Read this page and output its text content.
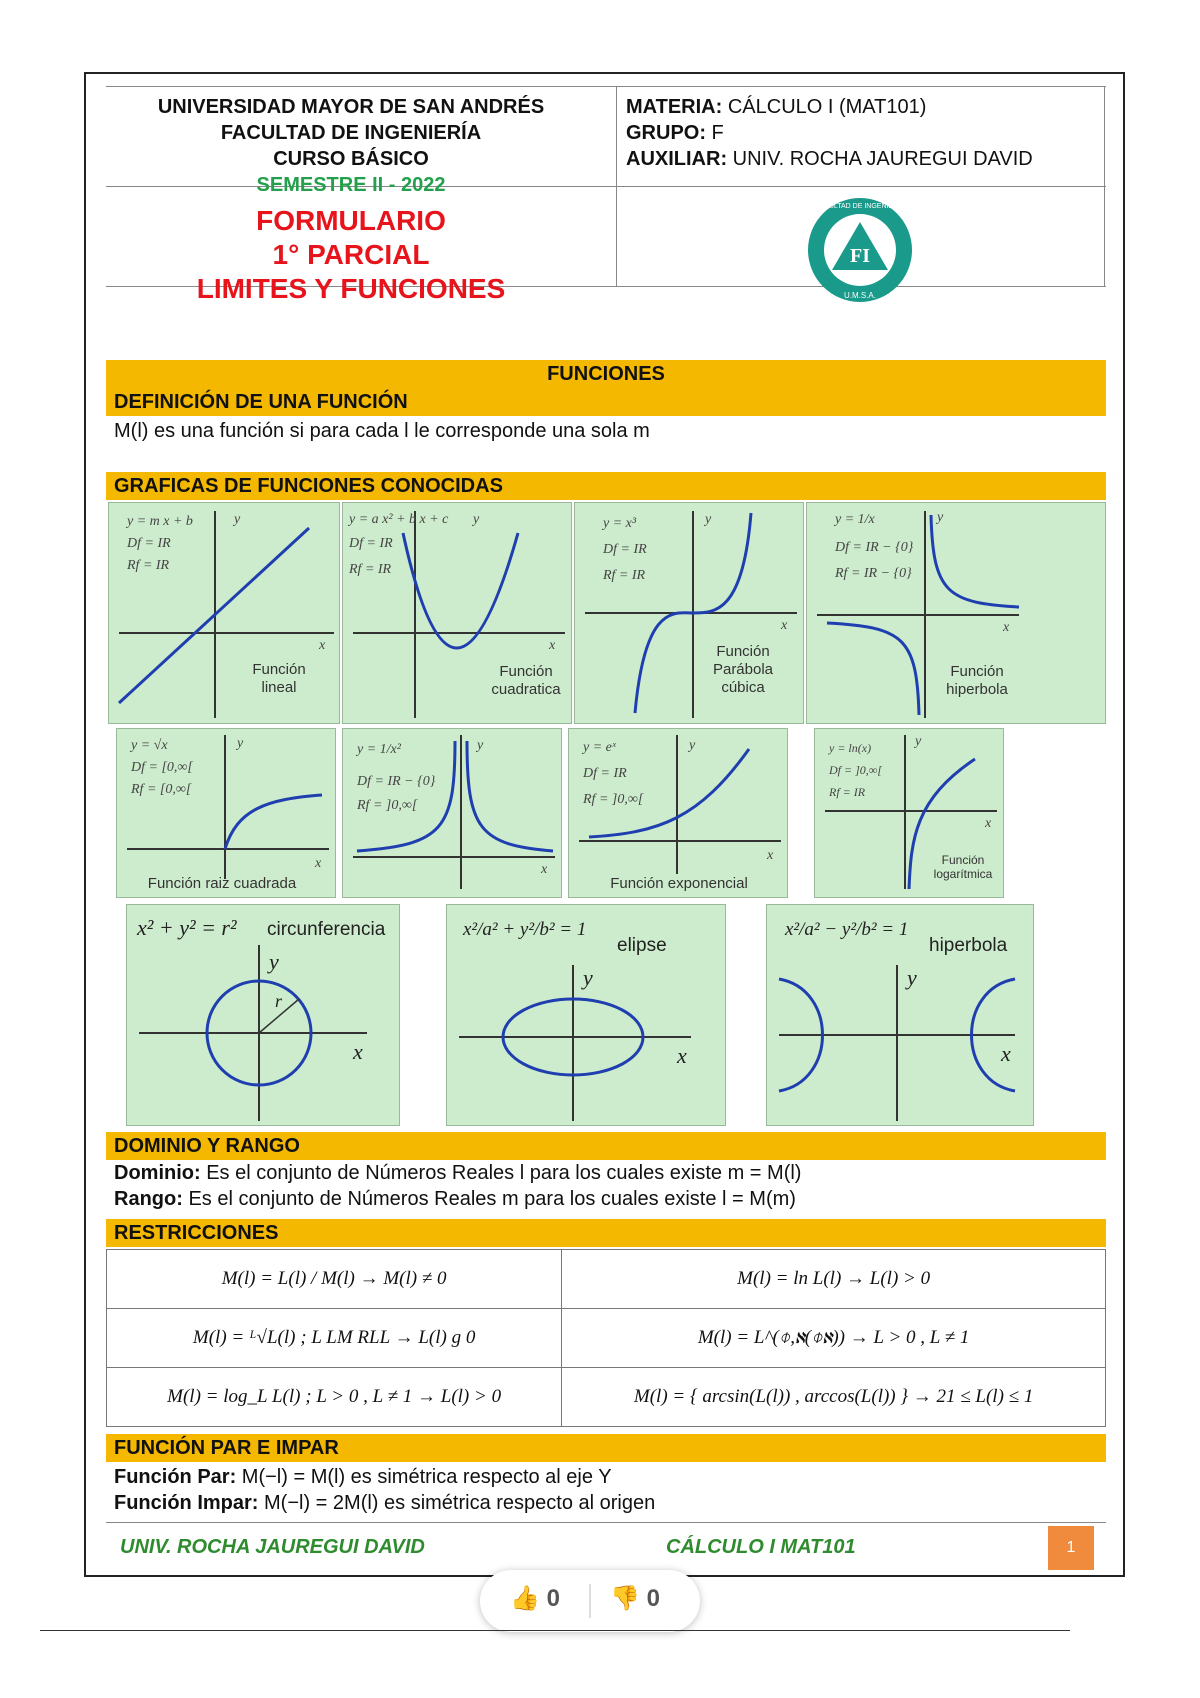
UNIVERSIDAD MAYOR DE SAN ANDRÉS
FACULTAD DE INGENIERÍA
CURSO BÁSICO
SEMESTRE II - 2022
MATERIA: CÁLCULO I (MAT101)
GRUPO: F
AUXILIAR: UNIV. ROCHA JAUREGUI DAVID
FORMULARIO
1° PARCIAL
LIMITES Y FUNCIONES
FI
FACULTAD DE INGENIERIA
U.M.S.A.
FUNCIONES
DEFINICIÓN DE UNA FUNCIÓN
M(l) es una función si para cada l le corresponde una sola m
GRAFICAS DE FUNCIONES CONOCIDAS
y = m x + b
Df = IR
Rf = IR
y
x
Función
lineal
y = a x² + b x + c
Df = IR
Rf = IR
y
x
Función
cuadratica
y = x³
Df = IR
Rf = IR
y
x
Función
Parábola
cúbica
y = 1/x
Df = IR − {0}
Rf = IR − {0}
y
x
Función
hiperbola
y = √x
Df = [0,∞[
Rf = [0,∞[
y
x
Función raiz cuadrada
y = 1/x²
Df = IR − {0}
Rf = ]0,∞[
y
x
y = eˣ
Df = IR
Rf = ]0,∞[
y
x
Función exponencial
y = ln(x)
Df = ]0,∞[
Rf = IR
y
x
Función
logarítmica
x² + y² = r² circunferencia
y
x
r
x²/a² + y²/b² = 1
elipse
y
x
x²/a² − y²/b² = 1
hiperbola
y
x
DOMINIO Y RANGO
Dominio: Es el conjunto de Números Reales l para los cuales existe m = M(l)
Rango: Es el conjunto de Números Reales m para los cuales existe l = M(m)
RESTRICCIONES
M(l) = L(l) / M(l) → M(l) ≠ 0	M(l) = ln L(l) → L(l) > 0
M(l) = ᴸ√L(l) ; L LM RLL → L(l) g 0	M(l) = L^(⌽,ℵ(⌽ℵ)) → L > 0 , L ≠ 1
M(l) = log_L L(l) ; L > 0 , L ≠ 1 → L(l) > 0	M(l) = { arcsin(L(l)) , arccos(L(l)) } → 21 ≤ L(l) ≤ 1
FUNCIÓN PAR E IMPAR
Función Par: M(−l) = M(l) es simétrica respecto al eje Y
Función Impar: M(−l) = 2M(l) es simétrica respecto al origen
UNIV. ROCHA JAUREGUI DAVID	CÁLCULO I MAT101	1
👍 0 👎 0
